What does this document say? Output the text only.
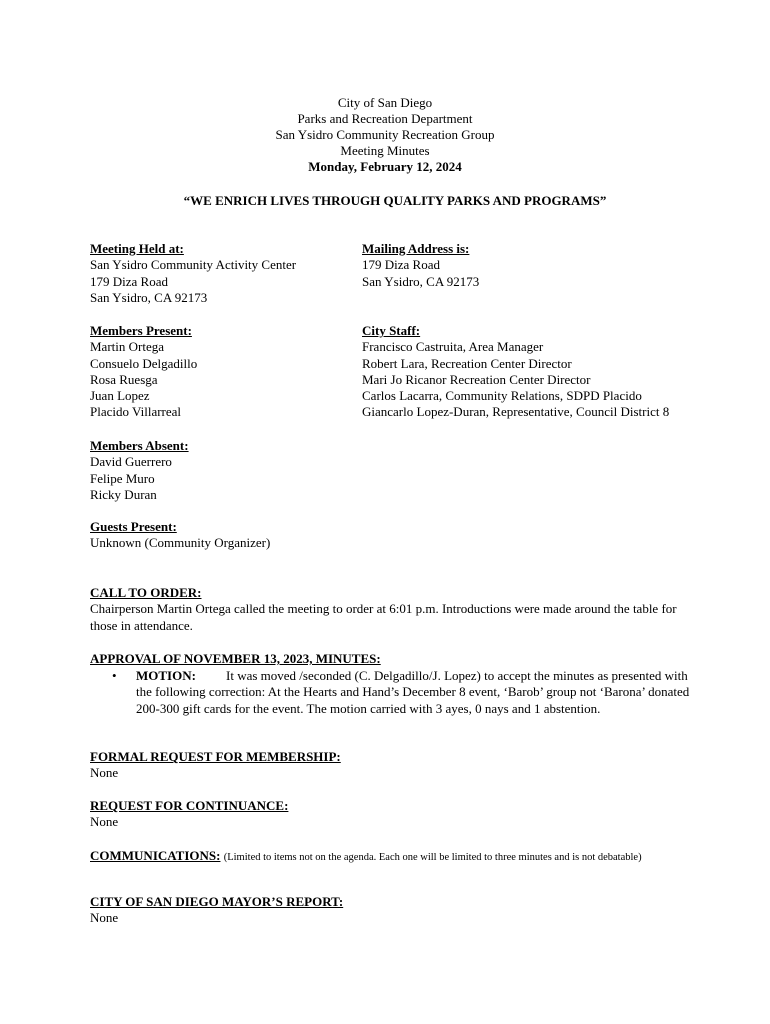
City of San Diego
Parks and Recreation Department
San Ysidro Community Recreation Group
Meeting Minutes
Monday, February 12, 2024
“WE ENRICH LIVES THROUGH QUALITY PARKS AND PROGRAMS”
Meeting Held at:
San Ysidro Community Activity Center
179 Diza Road
San Ysidro, CA 92173
Mailing Address is:
179 Diza Road
San Ysidro, CA 92173
Members Present:
Martin Ortega
Consuelo Delgadillo
Rosa Ruesga
Juan Lopez
Placido Villarreal
City Staff:
Francisco Castruita, Area Manager
Robert Lara, Recreation Center Director
Mari Jo Ricanor Recreation Center Director
Carlos Lacarra, Community Relations, SDPD Placido
Giancarlo Lopez-Duran, Representative, Council District 8
Members Absent:
David Guerrero
Felipe Muro
Ricky Duran
Guests Present:
Unknown (Community Organizer)
CALL TO ORDER:
Chairperson Martin Ortega called the meeting to order at 6:01 p.m. Introductions were made around the table for those in attendance.
APPROVAL OF NOVEMBER 13, 2023, MINUTES:
• MOTION: It was moved /seconded (C. Delgadillo/J. Lopez) to accept the minutes as presented with the following correction: At the Hearts and Hand’s December 8 event, ‘Barob’ group not ‘Barona’ donated 200-300 gift cards for the event. The motion carried with 3 ayes, 0 nays and 1 abstention.
FORMAL REQUEST FOR MEMBERSHIP:
None
REQUEST FOR CONTINUANCE:
None
COMMUNICATIONS: (Limited to items not on the agenda. Each one will be limited to three minutes and is not debatable)
CITY OF SAN DIEGO MAYOR’S REPORT:
None
